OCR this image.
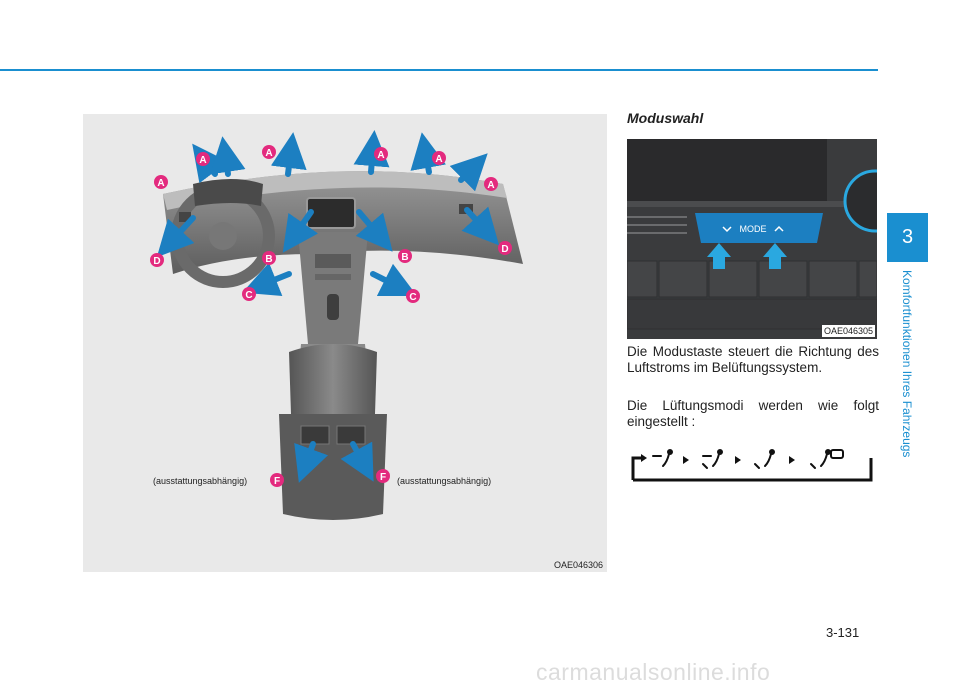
A
A
A	A	A
A
B	B
C	C
D
D
F	F
(ausstattungsabhängig)	(ausstattungsabhängig)
OAE046306
Moduswahl
MODE
OAE046305

Die Modustaste steuert die Richtung des Luftstroms im Belüftungssystem.

Die Lüftungsmodi werden wie folgt eingestellt :

3
Komfortfunktionen Ihres Fahrzeugs
3-131
carmanualsonline.info
